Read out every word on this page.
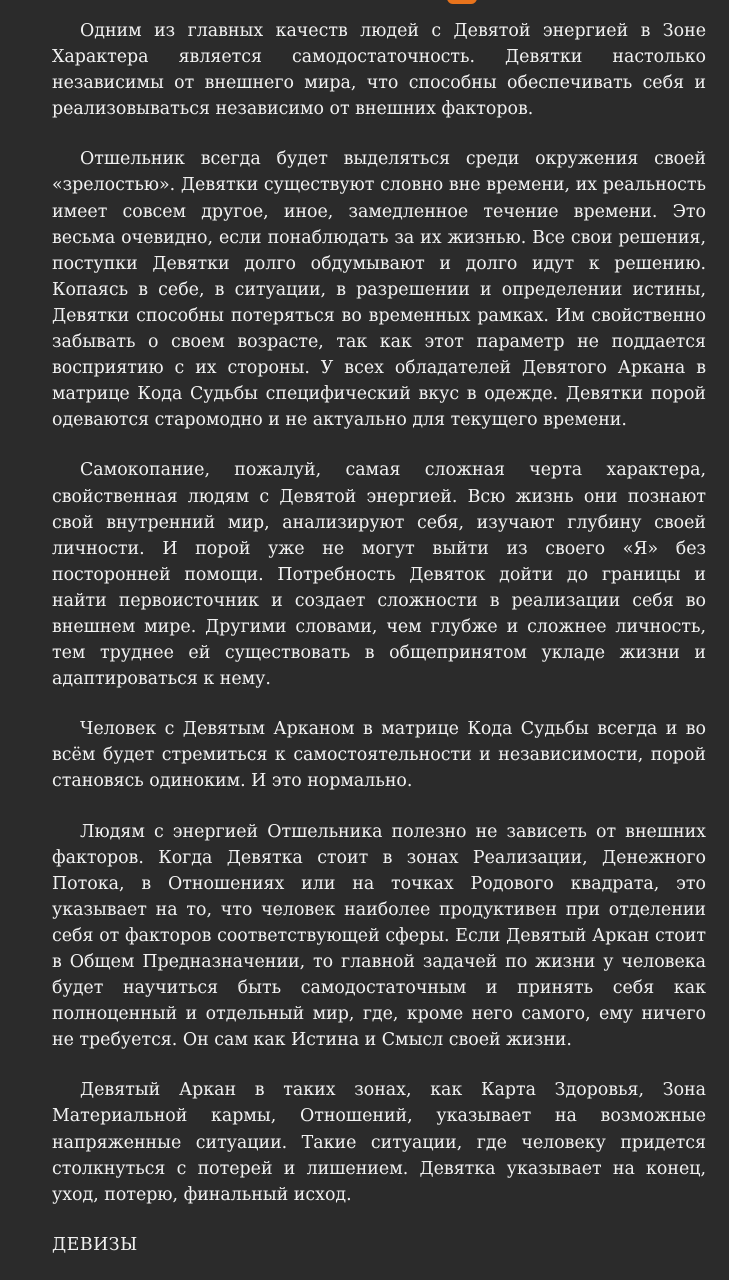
Одним из главных качеств людей с Девятой энергией в Зоне Характера является самодостаточность. Девятки настолько независимы от внешнего мира, что способны обеспечивать себя и реализовываться независимо от внешних факторов.

Отшельник всегда будет выделяться среди окружения своей «зрелостью». Девятки существуют словно вне времени, их реальность имеет совсем другое, иное, замедленное течение времени. Это весьма очевидно, если понаблюдать за их жизнью. Все свои решения, поступки Девятки долго обдумывают и долго идут к решению. Копаясь в себе, в ситуации, в разрешении и определении истины, Девятки способны потеряться во временных рамках. Им свойственно забывать о своем возрасте, так как этот параметр не поддается восприятию с их стороны. У всех обладателей Девятого Аркана в матрице Кода Судьбы специфический вкус в одежде. Девятки порой одеваются старомодно и не актуально для текущего времени.

Самокопание, пожалуй, самая сложная черта характера, свойственная людям с Девятой энергией. Всю жизнь они познают свой внутренний мир, анализируют себя, изучают глубину своей личности. И порой уже не могут выйти из своего «Я» без посторонней помощи. Потребность Девяток дойти до границы и найти первоисточник и создает сложности в реализации себя во внешнем мире. Другими словами, чем глубже и сложнее личность, тем труднее ей существовать в общепринятом укладе жизни и адаптироваться к нему.

Человек с Девятым Арканом в матрице Кода Судьбы всегда и во всём будет стремиться к самостоятельности и независимости, порой становясь одиноким. И это нормально.

Людям с энергией Отшельника полезно не зависеть от внешних факторов. Когда Девятка стоит в зонах Реализации, Денежного Потока, в Отношениях или на точках Родового квадрата, это указывает на то, что человек наиболее продуктивен при отделении себя от факторов соответствующей сферы. Если Девятый Аркан стоит в Общем Предназначении, то главной задачей по жизни у человека будет научиться быть самодостаточным и принять себя как полноценный и отдельный мир, где, кроме него самого, ему ничего не требуется. Он сам как Истина и Смысл своей жизни.

Девятый Аркан в таких зонах, как Карта Здоровья, Зона Материальной кармы, Отношений, указывает на возможные напряженные ситуации. Такие ситуации, где человеку придется столкнуться с потерей и лишением. Девятка указывает на конец, уход, потерю, финальный исход.

ДЕВИЗЫ
